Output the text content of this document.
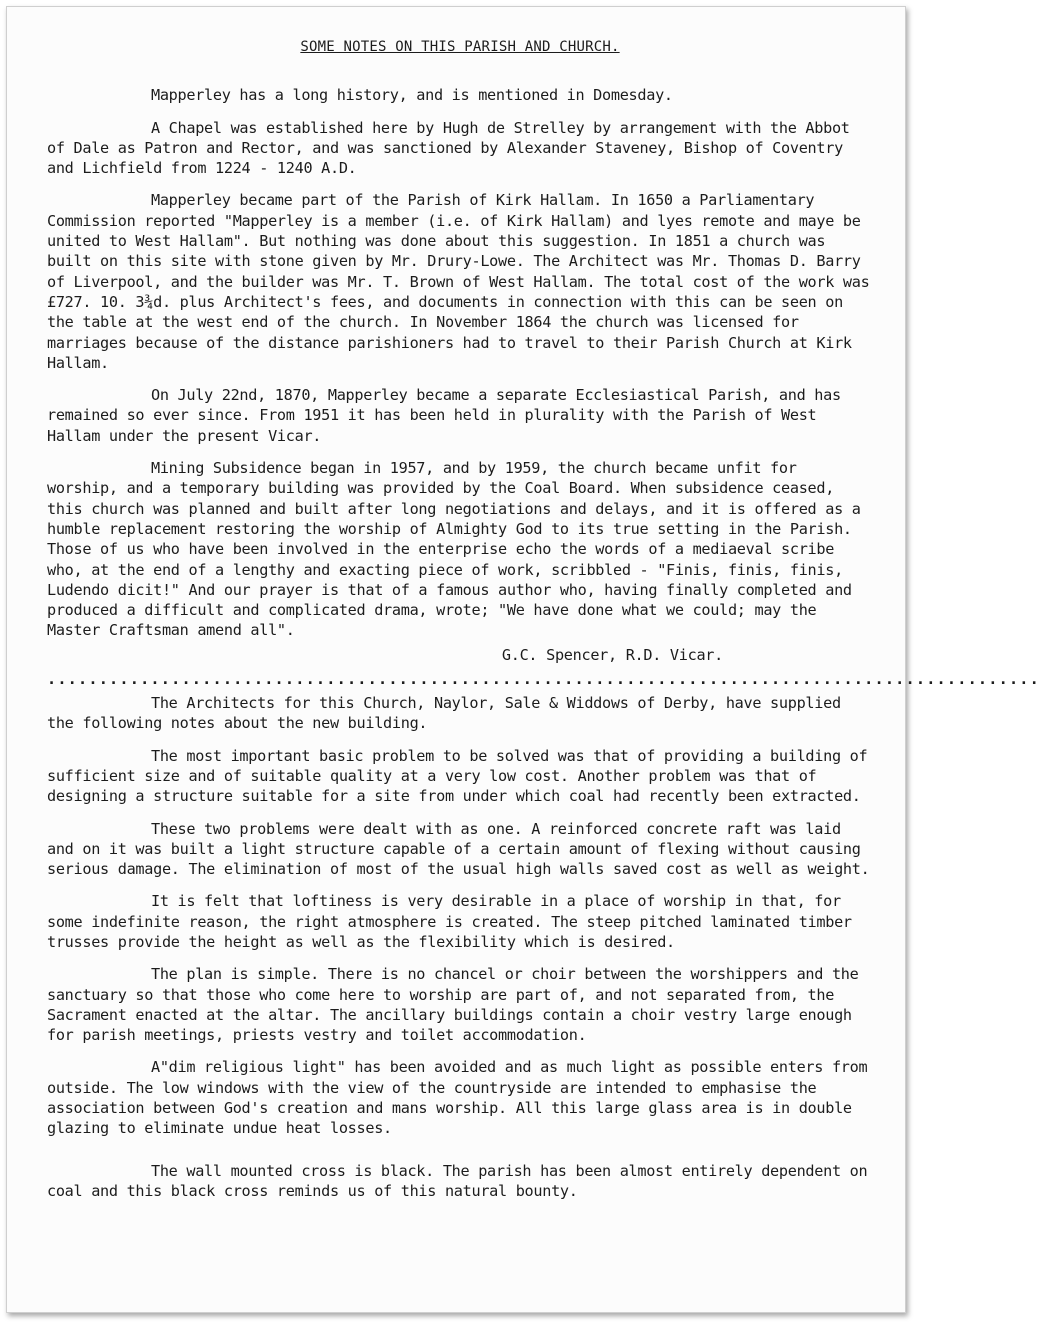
SOME NOTES ON THIS PARISH AND CHURCH.

Mapperley has a long history, and is mentioned in Domesday.

A Chapel was established here by Hugh de Strelley by arrangement with the Abbot of Dale as Patron and Rector, and was sanctioned by Alexander Staveney, Bishop of Coventry and Lichfield from 1224 - 1240 A.D.

Mapperley became part of the Parish of Kirk Hallam. In 1650 a Parliamentary Commission reported "Mapperley is a member (i.e. of Kirk Hallam) and lyes remote and maye be united to West Hallam". But nothing was done about this suggestion. In 1851 a church was built on this site with stone given by Mr. Drury-Lowe. The Architect was Mr. Thomas D. Barry of Liverpool, and the builder was Mr. T. Brown of West Hallam. The total cost of the work was £727. 10. 3¾d. plus Architect's fees, and documents in connection with this can be seen on the table at the west end of the church. In November 1864 the church was licensed for marriages because of the distance parishioners had to travel to their Parish Church at Kirk Hallam.

On July 22nd, 1870, Mapperley became a separate Ecclesiastical Parish, and has remained so ever since. From 1951 it has been held in plurality with the Parish of West Hallam under the present Vicar.

Mining Subsidence began in 1957, and by 1959, the church became unfit for worship, and a temporary building was provided by the Coal Board. When subsidence ceased, this church was planned and built after long negotiations and delays, and it is offered as a humble replacement restoring the worship of Almighty God to its true setting in the Parish. Those of us who have been involved in the enterprise echo the words of a mediaeval scribe who, at the end of a lengthy and exacting piece of work, scribbled - "Finis, finis, finis, Ludendo dicit!" And our prayer is that of a famous author who, having finally completed and produced a difficult and complicated drama, wrote; "We have done what we could; may the Master Craftsman amend all".

G.C. Spencer, R.D. Vicar.
................................................................................................

The Architects for this Church, Naylor, Sale & Widdows of Derby, have supplied the following notes about the new building.

The most important basic problem to be solved was that of providing a building of sufficient size and of suitable quality at a very low cost. Another problem was that of designing a structure suitable for a site from under which coal had recently been extracted.

These two problems were dealt with as one. A reinforced concrete raft was laid and on it was built a light structure capable of a certain amount of flexing without causing serious damage. The elimination of most of the usual high walls saved cost as well as weight.

It is felt that loftiness is very desirable in a place of worship in that, for some indefinite reason, the right atmosphere is created. The steep pitched laminated timber trusses provide the height as well as the flexibility which is desired.

The plan is simple. There is no chancel or choir between the worshippers and the sanctuary so that those who come here to worship are part of, and not separated from, the Sacrament enacted at the altar. The ancillary buildings contain a choir vestry large enough for parish meetings, priests vestry and toilet accommodation.

A"dim religious light" has been avoided and as much light as possible enters from outside. The low windows with the view of the countryside are intended to emphasise the association between God's creation and mans worship. All this large glass area is in double glazing to eliminate undue heat losses.

The wall mounted cross is black. The parish has been almost entirely dependent on coal and this black cross reminds us of this natural bounty.
